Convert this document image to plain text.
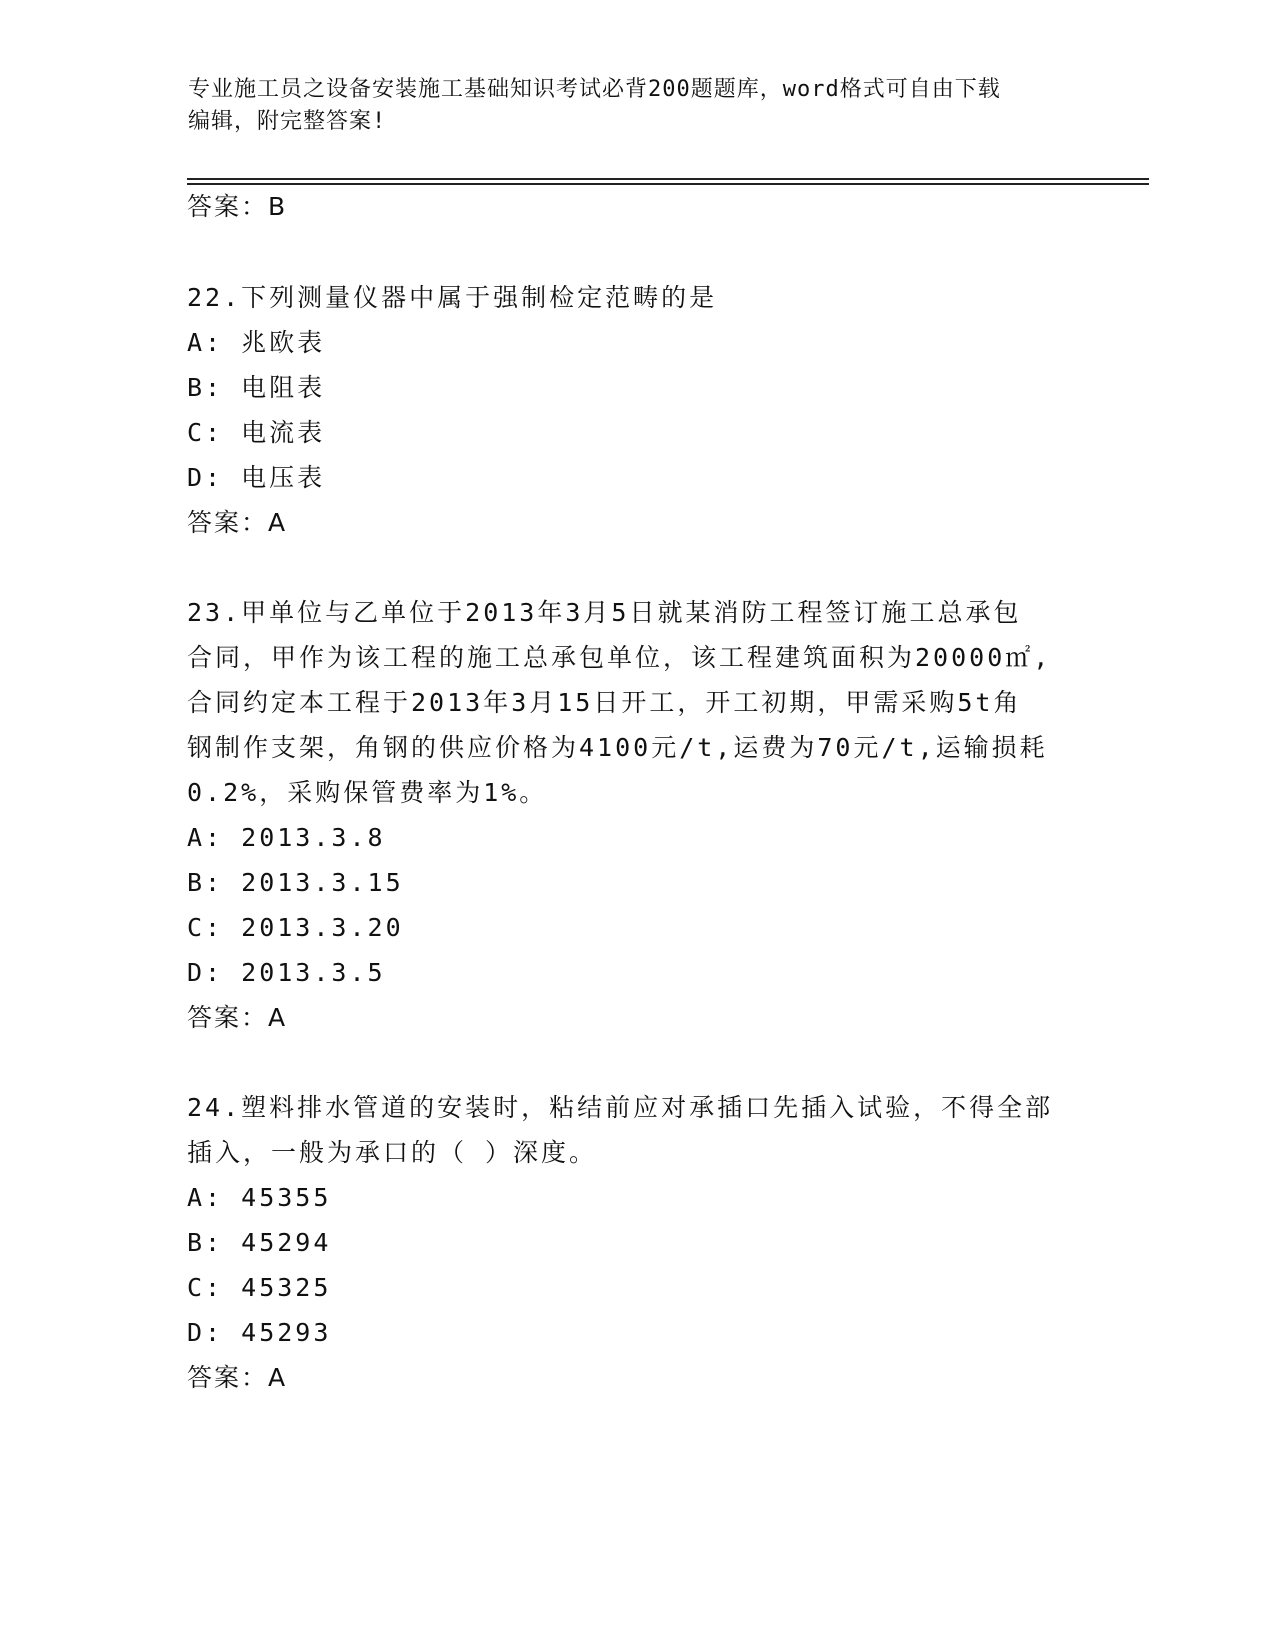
专业施工员之设备安装施工基础知识考试必背200题题库，word格式可自由下载
编辑，附完整答案!
答案：B
22.下列测量仪器中属于强制检定范畴的是
A: 兆欧表
B: 电阻表
C: 电流表
D: 电压表
答案：A
23.甲单位与乙单位于2013年3月5日就某消防工程签订施工总承包
合同，甲作为该工程的施工总承包单位，该工程建筑面积为20000㎡,
合同约定本工程于2013年3月15日开工，开工初期，甲需采购5t角
钢制作支架，角钢的供应价格为4100元/t,运费为70元/t,运输损耗
0.2%，采购保管费率为1%。
A: 2013.3.8
B: 2013.3.15
C: 2013.3.20
D: 2013.3.5
答案：A
24.塑料排水管道的安装时，粘结前应对承插口先插入试验，不得全部
插入，一般为承口的（ ）深度。
A: 45355
B: 45294
C: 45325
D: 45293
答案：A
